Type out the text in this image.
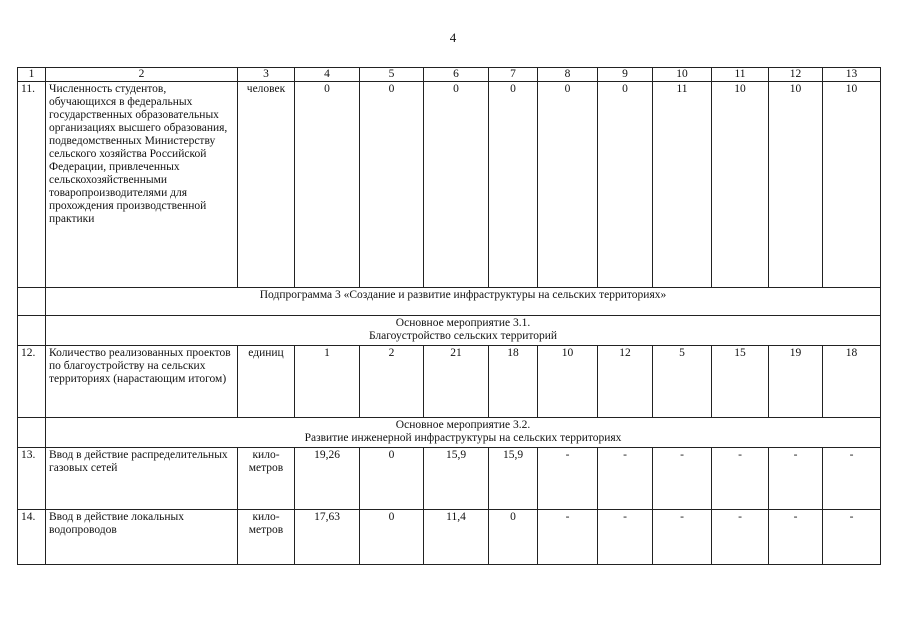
4
1	2	3	4	5	6	7	8	9	10	11	12	13
11.	Численность студентов, обучающихся в федеральных государственных образовательных организациях высшего образования, подведомственных Министерству сельского хозяйства Российской Федерации, привлеченных сельскохозяйственными товаропроизводителями для прохождения производственной практики	человек	0	0	0	0	0	0	11	10	10	10
	Подпрограмма 3 «Создание и развитие инфраструктуры на сельских территориях»											

	Основное мероприятие 3.1.
Благоустройство сельских территорий											

12.	Количество реализованных проектов по благоустройству на сельских территориях (нарастающим итогом)	единиц	1	2	21	18	10	12	5	15	19	18

	Основное мероприятие 3.2.
Развитие инженерной инфраструктуры на сельских территориях											

13.	Ввод в действие распределительных газовых сетей	кило-
метров	19,26	0	15,9	15,9	-	-	-	-	-	-
14.	Ввод в действие локальных водопроводов	кило-
метров	17,63	0	11,4	0	-	-	-	-	-	-
